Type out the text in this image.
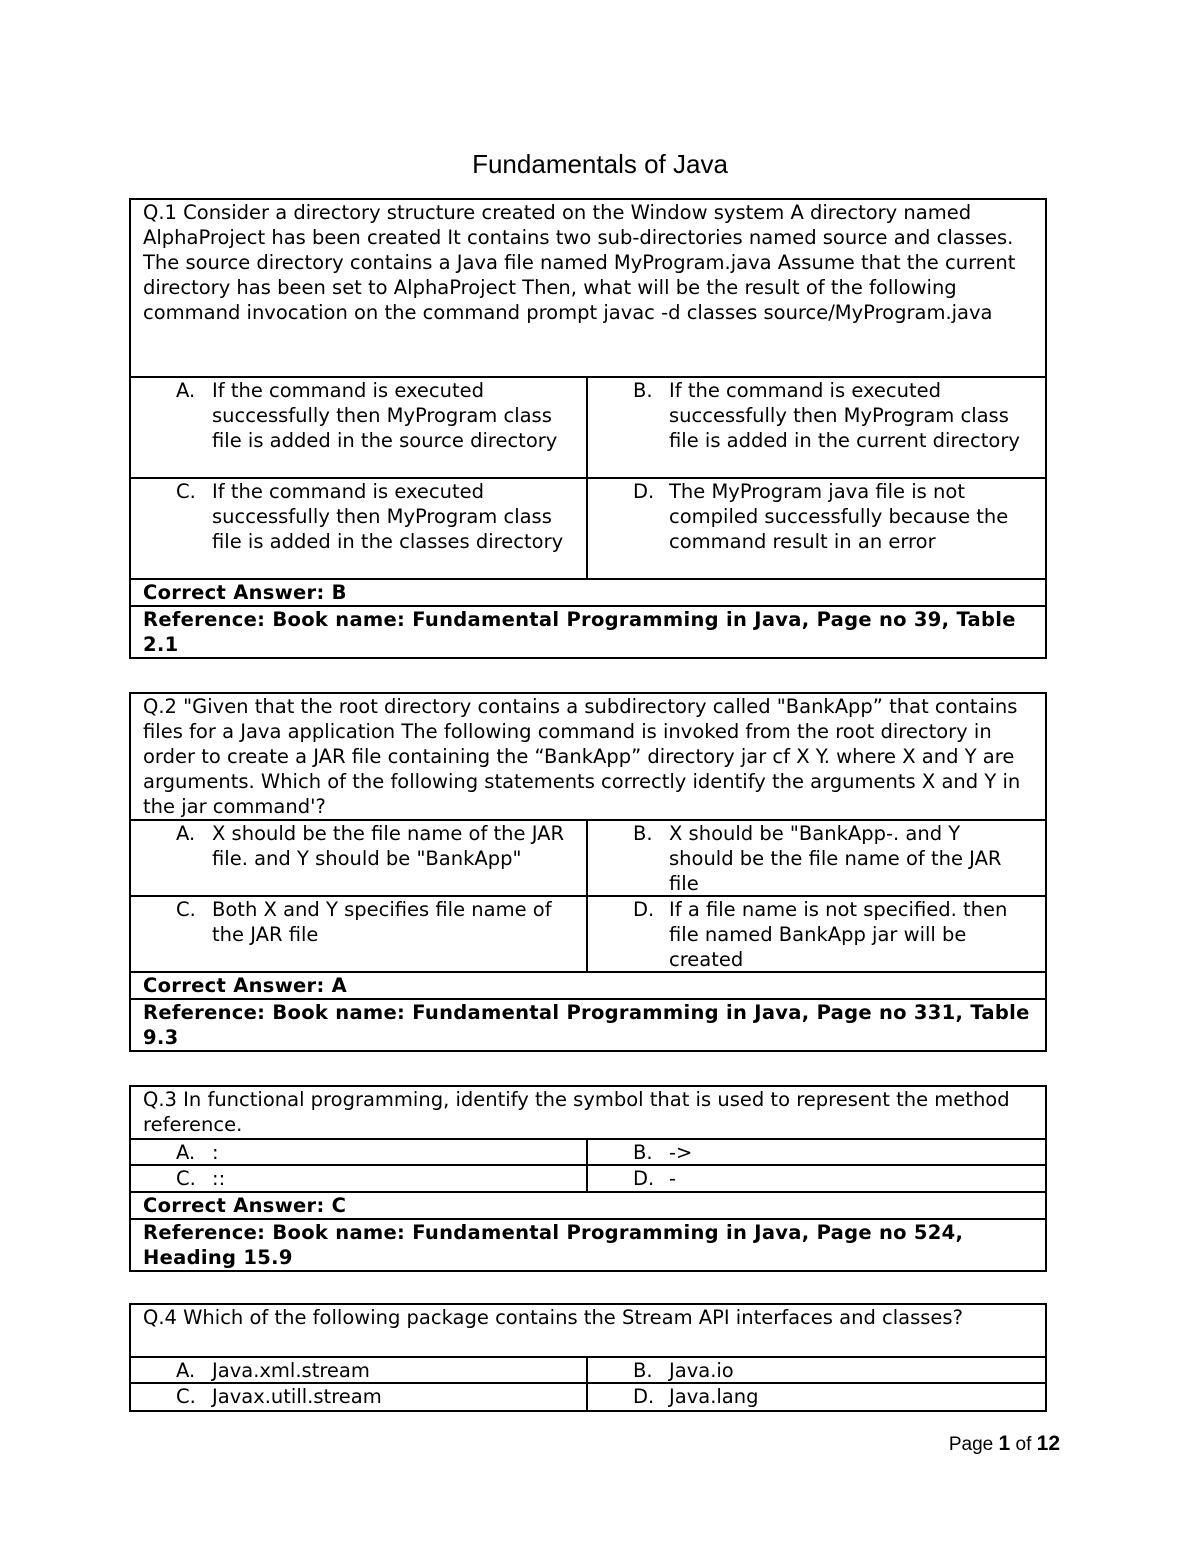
Fundamentals of Java
Q.1 Consider a directory structure created on the Window system A directory named AlphaProject has been created It contains two sub-directories named source and classes. The source directory contains a Java file named MyProgram.java Assume that the current directory has been set to AlphaProject Then, what will be the result of the following command invocation on the command prompt javac -d classes source/MyProgram.java
A. If the command is executed successfully then MyProgram class file is added in the source directory
B. If the command is executed successfully then MyProgram class file is added in the current directory
C. If the command is executed successfully then MyProgram class file is added in the classes directory
D. The MyProgram java file is not compiled successfully because the command result in an error
Correct Answer: B
Reference: Book name: Fundamental Programming in Java, Page no 39, Table 2.1
Q.2 "Given that the root directory contains a subdirectory called "BankApp” that contains files for a Java application The following command is invoked from the root directory in order to create a JAR file containing the “BankApp” directory jar cf X Y. where X and Y are arguments. Which of the following statements correctly identify the arguments X and Y in the jar command'?
A. X should be the file name of the JAR file. and Y should be "BankApp"
B. X should be "BankApp-. and Y should be the file name of the JAR file
C. Both X and Y specifies file name of the JAR file
D. If a file name is not specified. then file named BankApp jar will be created
Correct Answer: A
Reference: Book name: Fundamental Programming in Java, Page no 331, Table 9.3
Q.3 In functional programming, identify the symbol that is used to represent the method reference.
A. :	B. ->
C. ::	D. -
Correct Answer: C
Reference: Book name: Fundamental Programming in Java, Page no 524, Heading 15.9
Q.4 Which of the following package contains the Stream API interfaces and classes?
A. Java.xml.stream	B. Java.io
C. Javax.utill.stream	D. Java.lang
Page 1 of 12
